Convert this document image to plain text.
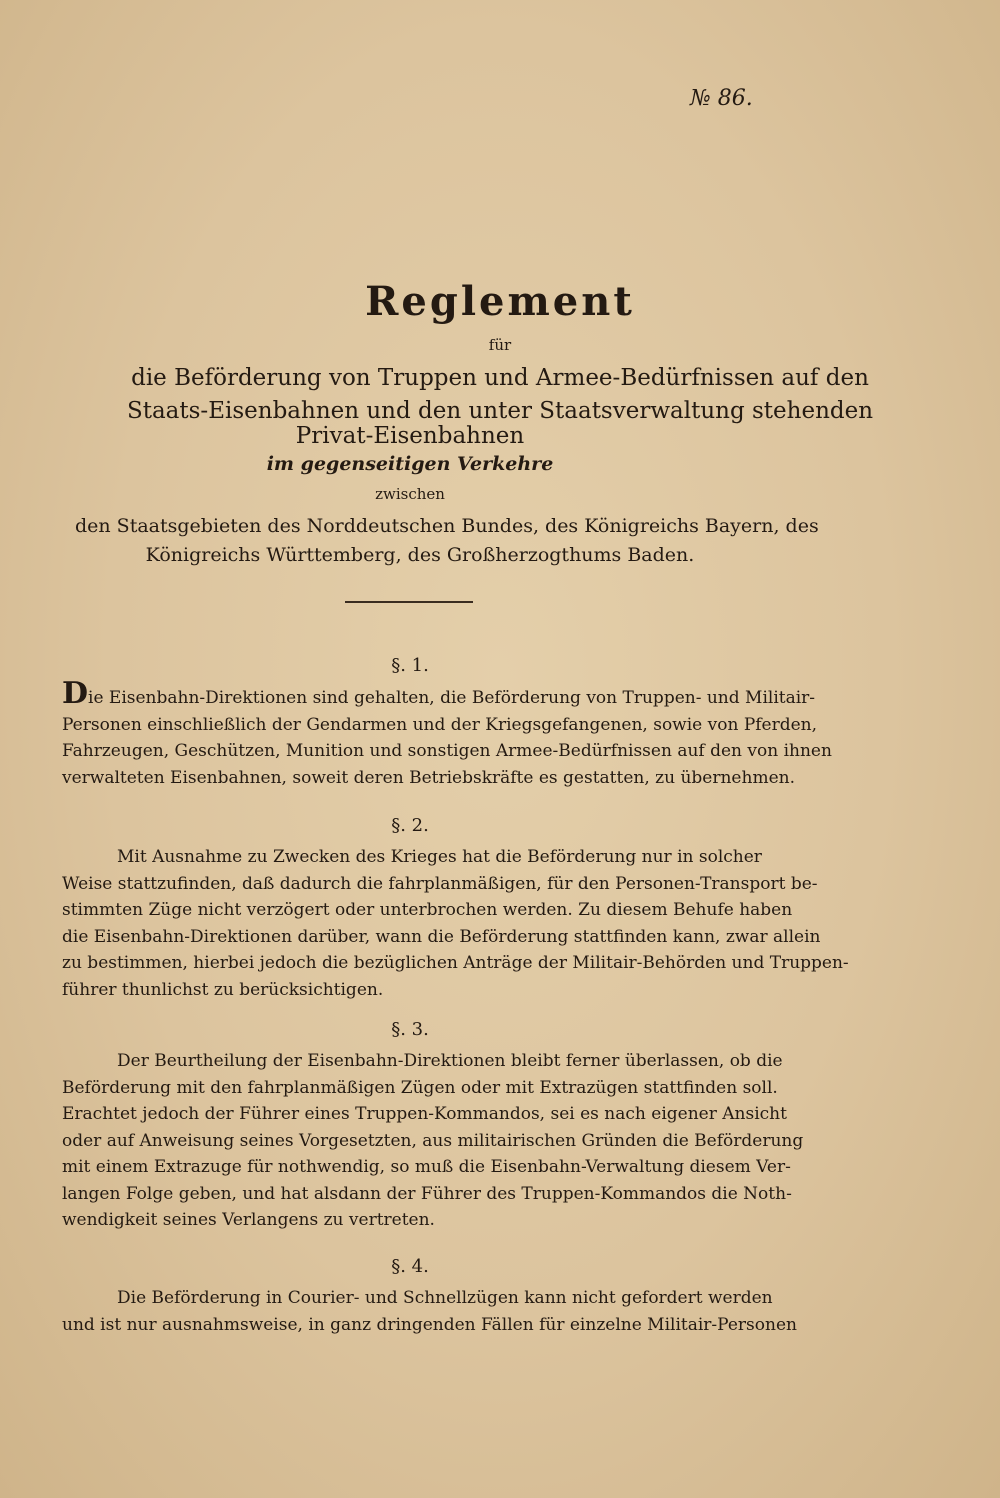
№ 86.
Reglement
für
die Beförderung von Truppen und Armee-Bedürfnissen auf den
Staats-Eisenbahnen und den unter Staatsverwaltung stehenden
Privat-Eisenbahnen
im gegenseitigen Verkehre
zwischen
den Staatsgebieten des Norddeutschen Bundes, des Königreichs Bayern, des
Königreichs Württemberg, des Großherzogthums Baden.
§. 1.
Die Eisenbahn-Direktionen sind gehalten, die Beförderung von Truppen- und Militair-
Personen einschließlich der Gendarmen und der Kriegsgefangenen, sowie von Pferden,
Fahrzeugen, Geschützen, Munition und sonstigen Armee-Bedürfnissen auf den von ihnen
verwalteten Eisenbahnen, soweit deren Betriebskräfte es gestatten, zu übernehmen.
§. 2.
Mit Ausnahme zu Zwecken des Krieges hat die Beförderung nur in solcher
Weise stattzufinden, daß dadurch die fahrplanmäßigen, für den Personen-Transport be-
stimmten Züge nicht verzögert oder unterbrochen werden. Zu diesem Behufe haben
die Eisenbahn-Direktionen darüber, wann die Beförderung stattfinden kann, zwar allein
zu bestimmen, hierbei jedoch die bezüglichen Anträge der Militair-Behörden und Truppen-
führer thunlichst zu berücksichtigen.
§. 3.
Der Beurtheilung der Eisenbahn-Direktionen bleibt ferner überlassen, ob die
Beförderung mit den fahrplanmäßigen Zügen oder mit Extrazügen stattfinden soll.
Erachtet jedoch der Führer eines Truppen-Kommandos, sei es nach eigener Ansicht
oder auf Anweisung seines Vorgesetzten, aus militairischen Gründen die Beförderung
mit einem Extrazuge für nothwendig, so muß die Eisenbahn-Verwaltung diesem Ver-
langen Folge geben, und hat alsdann der Führer des Truppen-Kommandos die Noth-
wendigkeit seines Verlangens zu vertreten.
§. 4.
Die Beförderung in Courier- und Schnellzügen kann nicht gefordert werden
und ist nur ausnahmsweise, in ganz dringenden Fällen für einzelne Militair-Personen
